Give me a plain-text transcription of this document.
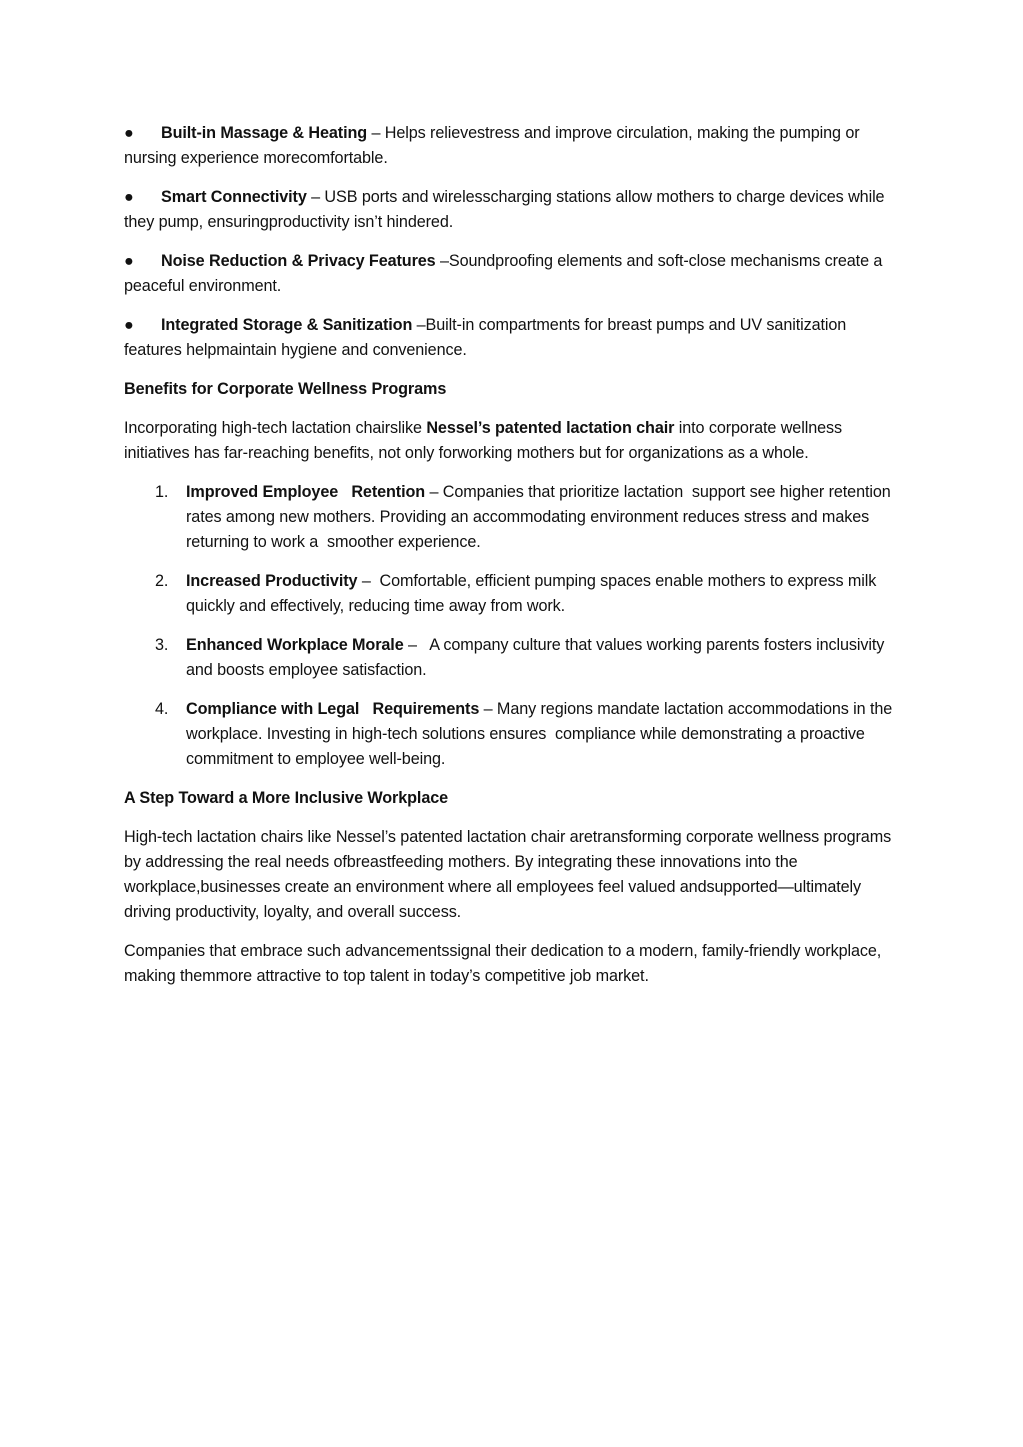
● Built-in Massage & Heating – Helps relievestress and improve circulation, making the pumping or nursing experience morecomfortable.

● Smart Connectivity – USB ports and wirelesscharging stations allow mothers to charge devices while they pump, ensuringproductivity isn’t hindered.

● Noise Reduction & Privacy Features –Soundproofing elements and soft-close mechanisms create a peaceful environment.

● Integrated Storage & Sanitization –Built-in compartments for breast pumps and UV sanitization features helpmaintain hygiene and convenience.

Benefits for Corporate Wellness Programs

Incorporating high-tech lactation chairslike Nessel’s patented lactation chair into corporate wellness initiatives has far-reaching benefits, not only forworking mothers but for organizations as a whole.

1. Improved Employee   Retention – Companies that prioritize lactation  support see higher retention rates among new mothers. Providing an accommodating environment reduces stress and makes returning to work a  smoother experience.
2. Increased Productivity –  Comfortable, efficient pumping spaces enable mothers to express milk  quickly and effectively, reducing time away from work.
3. Enhanced Workplace Morale –   A company culture that values working parents fosters inclusivity and boosts employee satisfaction.
4. Compliance with Legal   Requirements – Many regions mandate lactation accommodations in the workplace. Investing in high-tech solutions ensures  compliance while demonstrating a proactive commitment to employee well-being.

A Step Toward a More Inclusive Workplace

High-tech lactation chairs like Nessel’s patented lactation chair aretransforming corporate wellness programs by addressing the real needs ofbreastfeeding mothers. By integrating these innovations into the workplace,businesses create an environment where all employees feel valued andsupported—ultimately driving productivity, loyalty, and overall success.

Companies that embrace such advancementssignal their dedication to a modern, family-friendly workplace, making themmore attractive to top talent in today’s competitive job market.
